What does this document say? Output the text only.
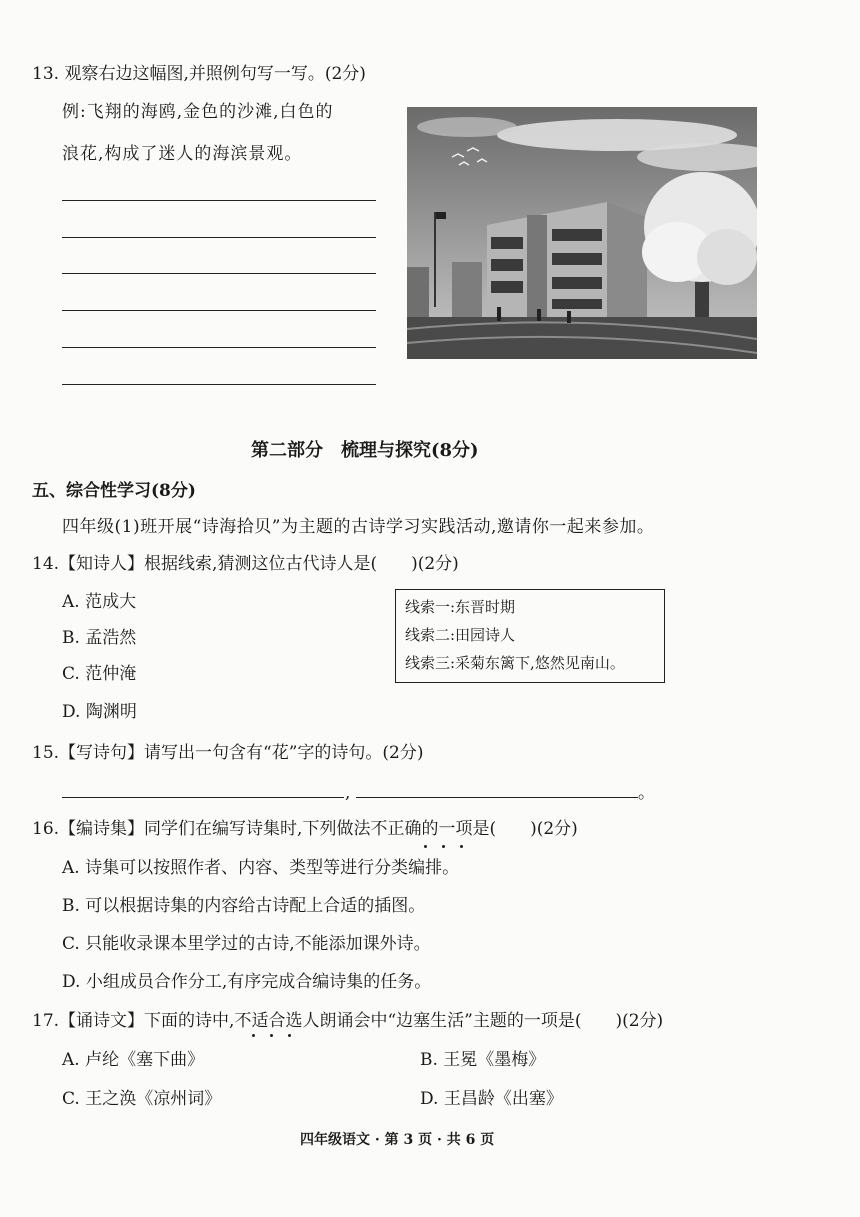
13. 观察右边这幅图,并照例句写一写。(2分)
例:飞翔的海鸥,金色的沙滩,白色的
浪花,构成了迷人的海滨景观。
第二部分　梳理与探究(8分)
五、综合性学习(8分)
四年级(1)班开展“诗海拾贝”为主题的古诗学习实践活动,邀请你一起来参加。
14.【知诗人】根据线索,猜测这位古代诗人是(　　)(2分)
A. 范成大
B. 孟浩然
C. 范仲淹
D. 陶渊明
线索一:东晋时期
线索二:田园诗人
线索三:采菊东篱下,悠然见南山。
15.【写诗句】请写出一句含有“花”字的诗句。(2分)
,	。
16.【编诗集】同学们在编写诗集时,下列做法不正确的一项是(　　)(2分)
A. 诗集可以按照作者、内容、类型等进行分类编排。
B. 可以根据诗集的内容给古诗配上合适的插图。
C. 只能收录课本里学过的古诗,不能添加课外诗。
D. 小组成员合作分工,有序完成合编诗集的任务。
17.【诵诗文】下面的诗中,不适合选人朗诵会中“边塞生活”主题的一项是(　　)(2分)
A. 卢纶《塞下曲》	B. 王冕《墨梅》
C. 王之涣《凉州词》	D. 王昌龄《出塞》
四年级语文 · 第 3 页 · 共 6 页
